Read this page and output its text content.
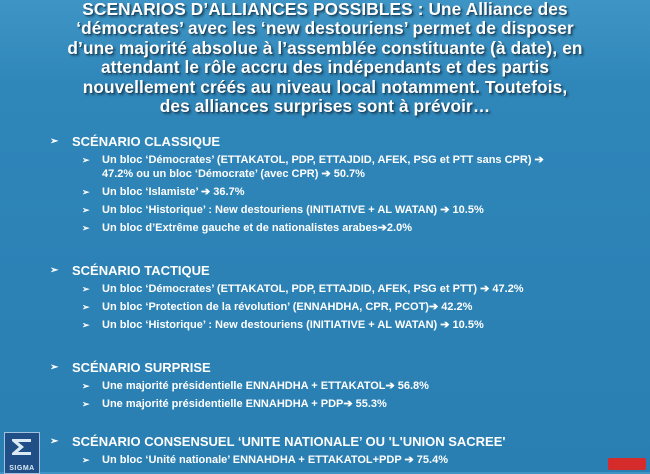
SCENARIOS D’ALLIANCES POSSIBLES : Une Alliance des
‘démocrates’ avec les ‘new destouriens’ permet de disposer
d’une majorité absolue à l’assemblée constituante (à date), en
attendant le rôle accru des indépendants et des partis
nouvellement créés au niveau local notamment. Toutefois,
des alliances surprises sont à prévoir…
➢	SCÉNARIO CLASSIQUE
➢ Un bloc ‘Démocrates’ (ETTAKATOL, PDP, ETTAJDID, AFEK, PSG et PTT sans CPR) ➔
47.2% ou un bloc ‘Démocrate’ (avec CPR) ➔ 50.7%
➢ Un bloc ‘Islamiste’ ➔ 36.7%
➢ Un bloc ‘Historique’ : New destouriens (INITIATIVE + AL WATAN) ➔ 10.5%
➢ Un bloc d’Extrême gauche et de nationalistes arabes➔2.0%
➢	SCÉNARIO TACTIQUE
➢ Un bloc ‘Démocrates’ (ETTAKATOL, PDP, ETTAJDID, AFEK, PSG et PTT) ➔ 47.2%
➢ Un bloc ‘Protection de la révolution’ (ENNAHDHA, CPR, PCOT)➔ 42.2%
➢ Un bloc ‘Historique’ : New destouriens (INITIATIVE + AL WATAN) ➔ 10.5%
➢	SCÉNARIO SURPRISE
➢ Une majorité présidentielle ENNAHDHA + ETTAKATOL➔ 56.8%
➢ Une majorité présidentielle ENNAHDHA + PDP➔ 55.3%
➢	SCÉNARIO CONSENSUEL ‘UNITE NATIONALE’ OU 'L'UNION SACREE'
➢ Un bloc ‘Unité nationale’ ENNAHDHA + ETTAKATOL+PDP ➔ 75.4%
SIGMA
